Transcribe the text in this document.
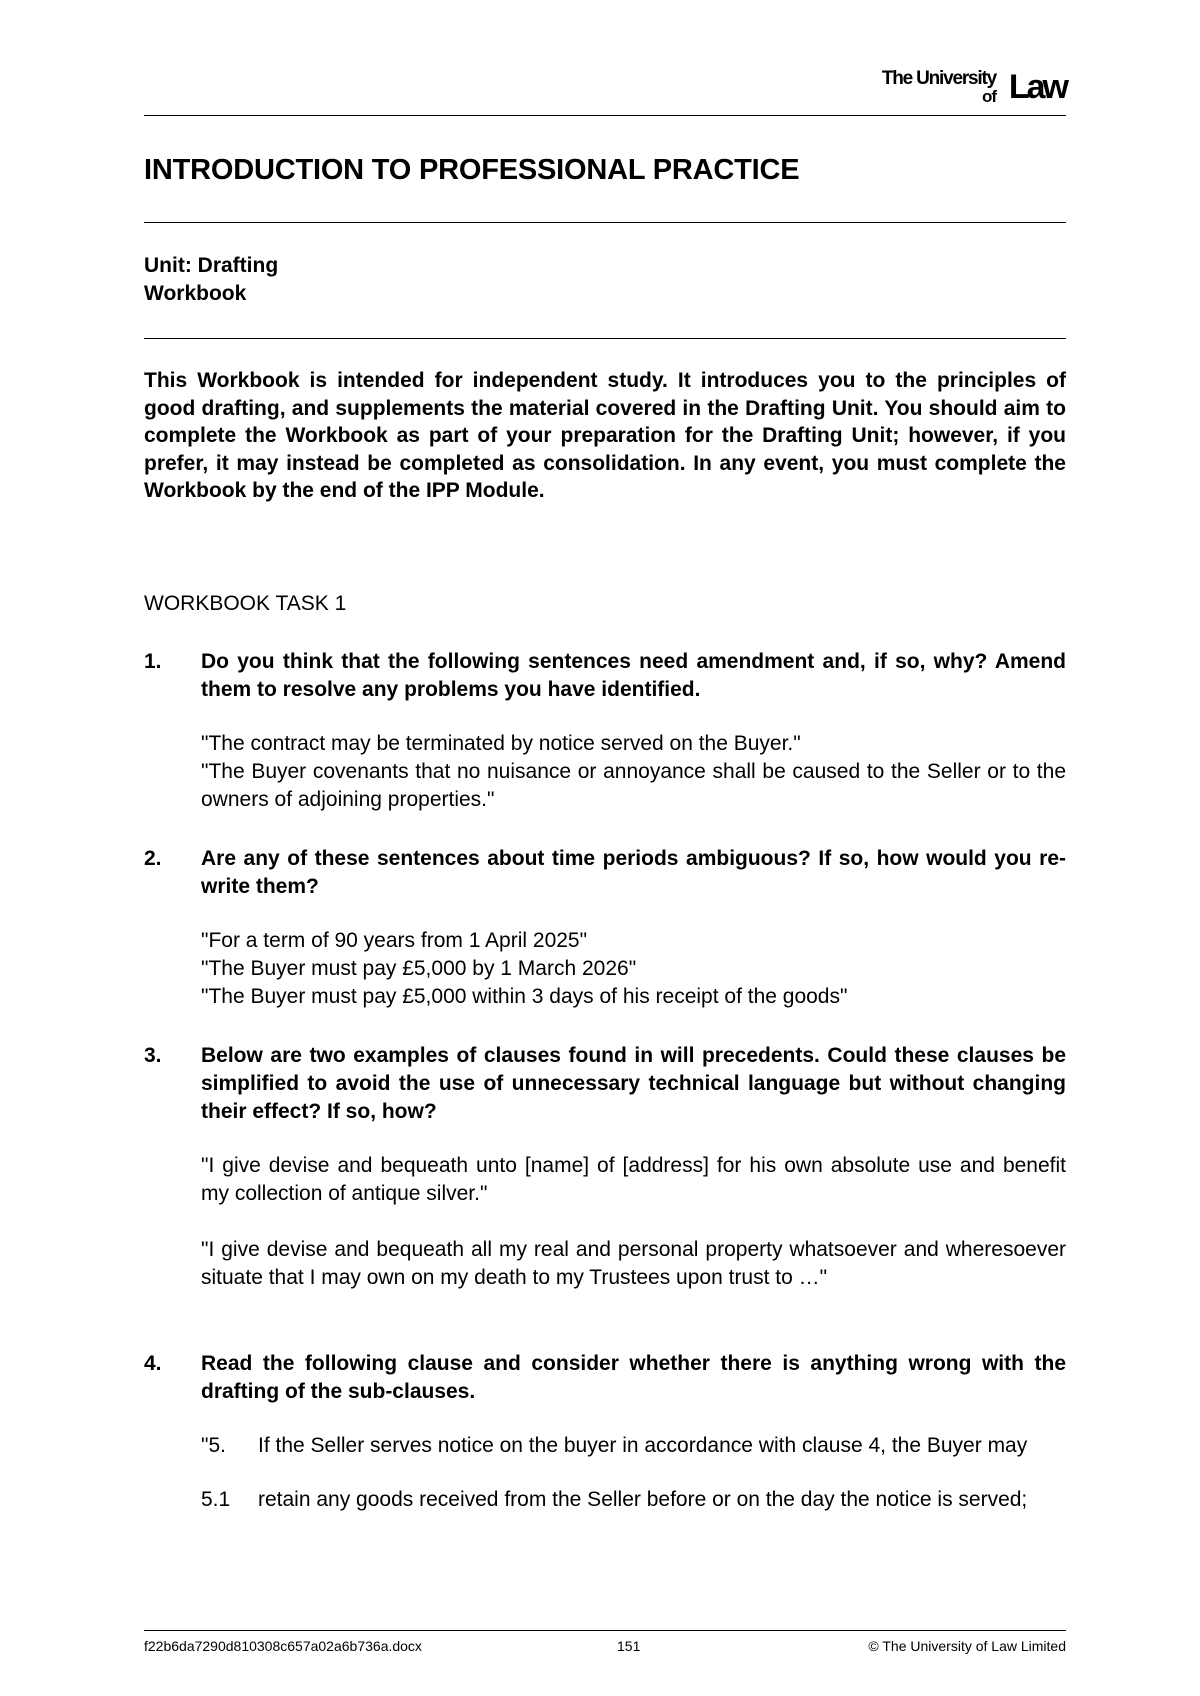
The University
of Law
INTRODUCTION TO PROFESSIONAL PRACTICE
Unit: Drafting
Workbook

This Workbook is intended for independent study. It introduces you to the principles of good drafting, and supplements the material covered in the Drafting Unit. You should aim to complete the Workbook as part of your preparation for the Drafting Unit; however, if you prefer, it may instead be completed as consolidation. In any event, you must complete the Workbook by the end of the IPP Module.

WORKBOOK TASK 1
1. Do you think that the following sentences need amendment and, if so, why? Amend them to resolve any problems you have identified.
"The contract may be terminated by notice served on the Buyer."
"The Buyer covenants that no nuisance or annoyance shall be caused to the Seller or to the owners of adjoining properties."
2. Are any of these sentences about time periods ambiguous? If so, how would you re-write them?
"For a term of 90 years from 1 April 2025"
"The Buyer must pay £5,000 by 1 March 2026"
"The Buyer must pay £5,000 within 3 days of his receipt of the goods"
3. Below are two examples of clauses found in will precedents. Could these clauses be simplified to avoid the use of unnecessary technical language but without changing their effect? If so, how?

"I give devise and bequeath unto [name] of [address] for his own absolute use and benefit my collection of antique silver."

"I give devise and bequeath all my real and personal property whatsoever and wheresoever situate that I may own on my death to my Trustees upon trust to …"

4. Read the following clause and consider whether there is anything wrong with the drafting of the sub-clauses.
"5. If the Seller serves notice on the buyer in accordance with clause 4, the Buyer may
5.1 retain any goods received from the Seller before or on the day the notice is served;
f22b6da7290d810308c657a02a6b736a.docx	151	© The University of Law Limited
